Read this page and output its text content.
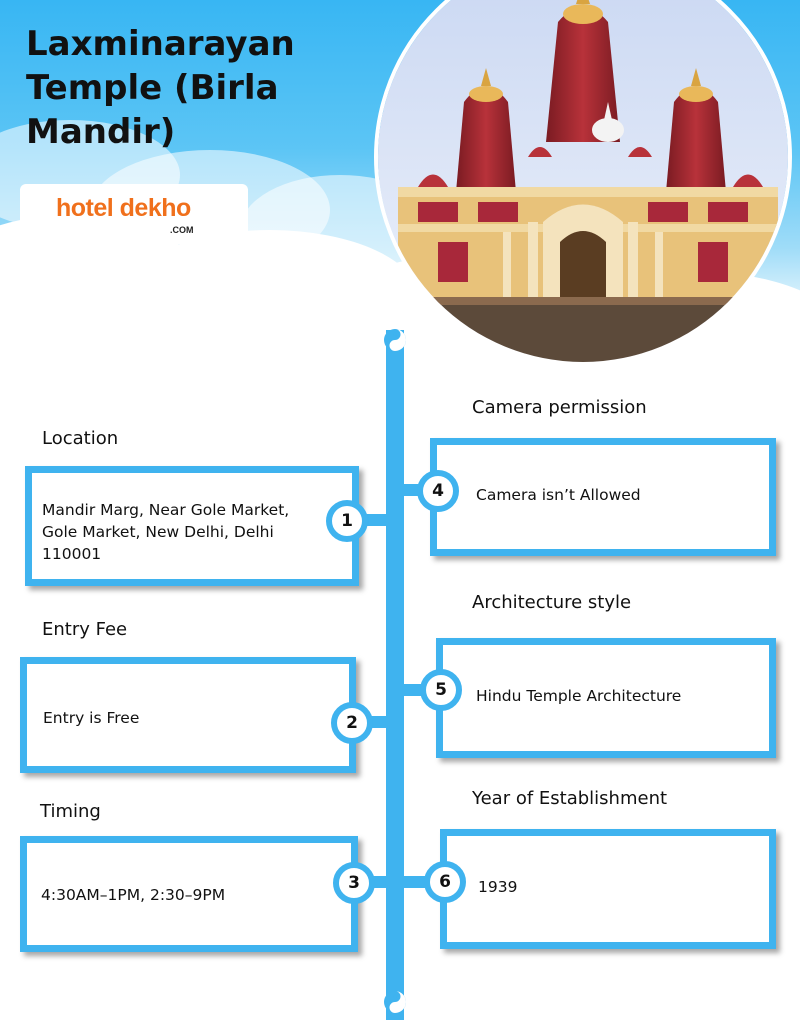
Laxminarayan Temple (Birla Mandir)
hotel dekho
.COM
Location
Mandir Marg, Near Gole Market, Gole Market, New Delhi, Delhi 110001
1
Entry Fee
Entry is Free	2
Timing
4:30AM–1PM, 2:30–9PM
3
Camera permission
Camera isn’t Allowed
4
Architecture style
Hindu Temple Architecture
5
Year of Establishment
1939
6
